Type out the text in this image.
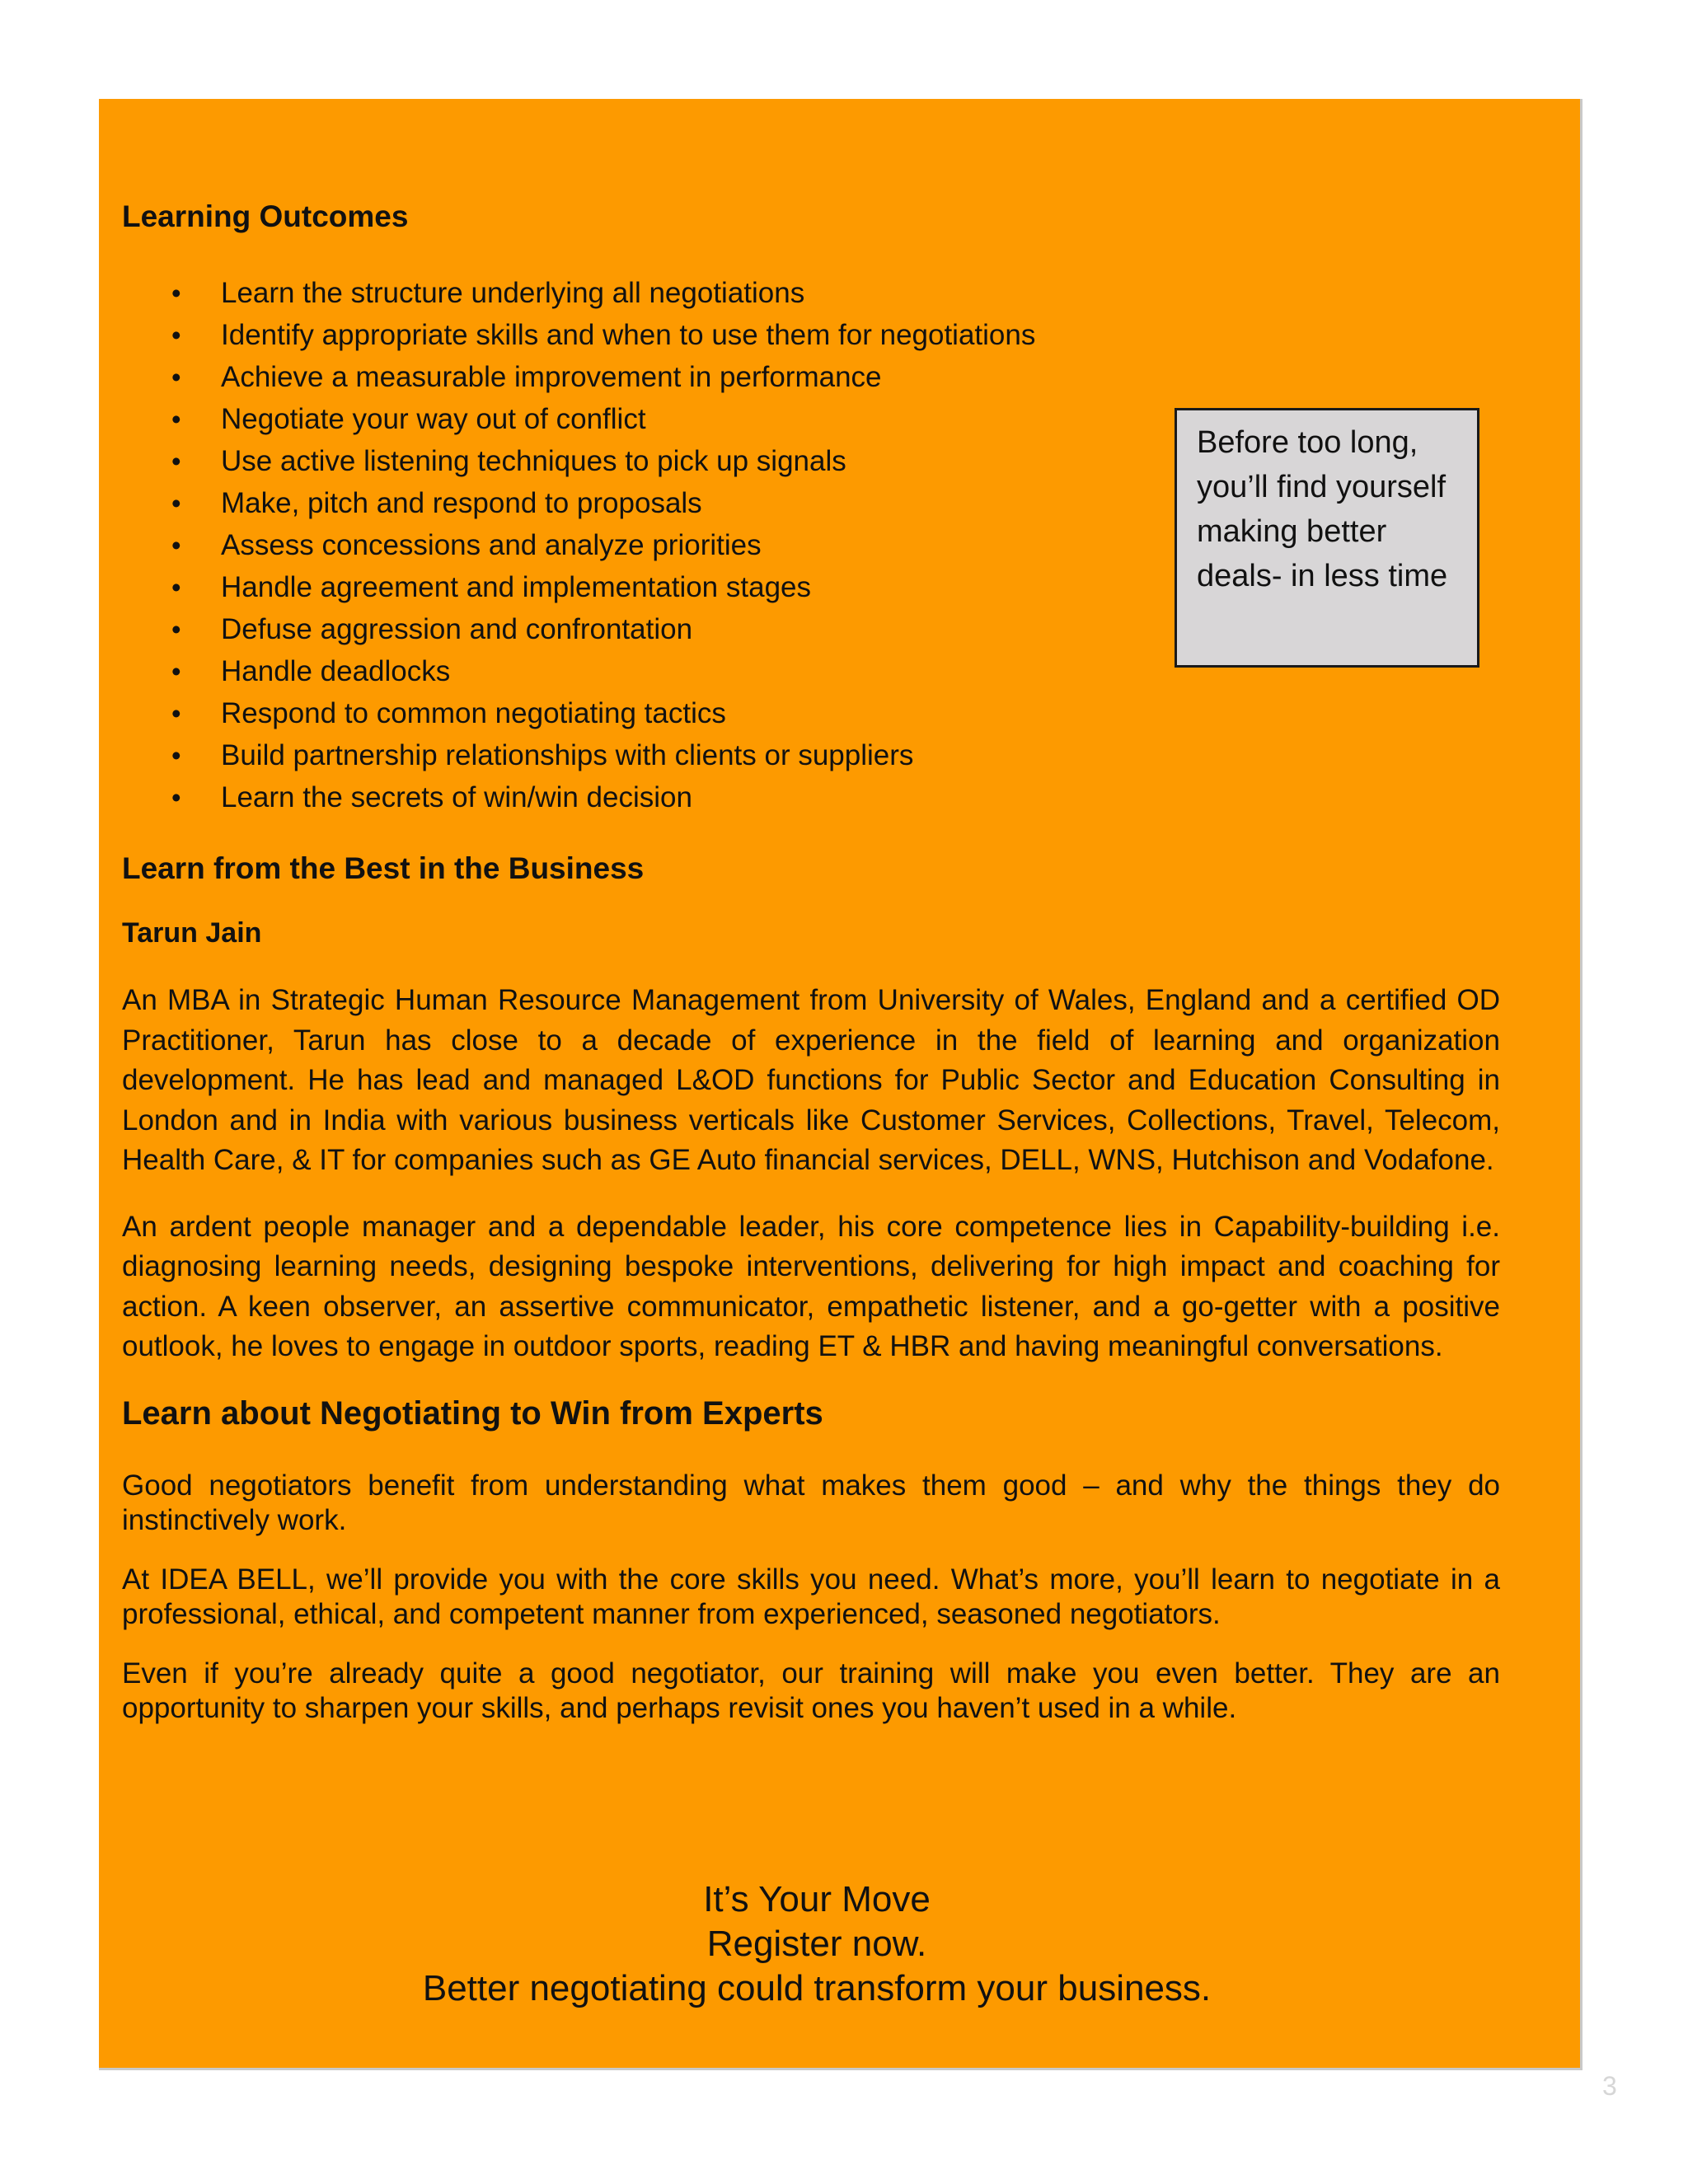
Learning Outcomes
• Learn the structure underlying all negotiations
• Identify appropriate skills and when to use them for negotiations
• Achieve a measurable improvement in performance
• Negotiate your way out of conflict
• Use active listening techniques to pick up signals
• Make, pitch and respond to proposals
• Assess concessions and analyze priorities
• Handle agreement and implementation stages
• Defuse aggression and confrontation
• Handle deadlocks
• Respond to common negotiating tactics
• Build partnership relationships with clients or suppliers
• Learn the secrets of win/win decision
Learn from the Best in the Business

Tarun Jain

An MBA in Strategic Human Resource Management from University of Wales, England and a certified OD Practitioner, Tarun has close to a decade of experience in the field of learning and organization development. He has lead and managed L&OD functions for Public Sector and Education Consulting in London and in India with various business verticals like Customer Services, Collections, Travel, Telecom, Health Care, & IT for companies such as GE Auto financial services, DELL, WNS, Hutchison and Vodafone.

An ardent people manager and a dependable leader, his core competence lies in Capability-building i.e. diagnosing learning needs, designing bespoke interventions, delivering for high impact and coaching for action. A keen observer, an assertive communicator, empathetic listener, and a go-getter with a positive outlook, he loves to engage in outdoor sports, reading ET & HBR and having meaningful conversations.

Learn about Negotiating to Win from Experts

Good negotiators benefit from understanding what makes them good – and why the things they do instinctively work.

At IDEA BELL, we’ll provide you with the core skills you need. What’s more, you’ll learn to negotiate in a professional, ethical, and competent manner from experienced, seasoned negotiators.

Even if you’re already quite a good negotiator, our training will make you even better. They are an opportunity to sharpen your skills, and perhaps revisit ones you haven’t used in a while.

Before too long, you’ll find yourself making better deals- in less time
It’s Your Move
Register now.
Better negotiating could transform your business.
3
